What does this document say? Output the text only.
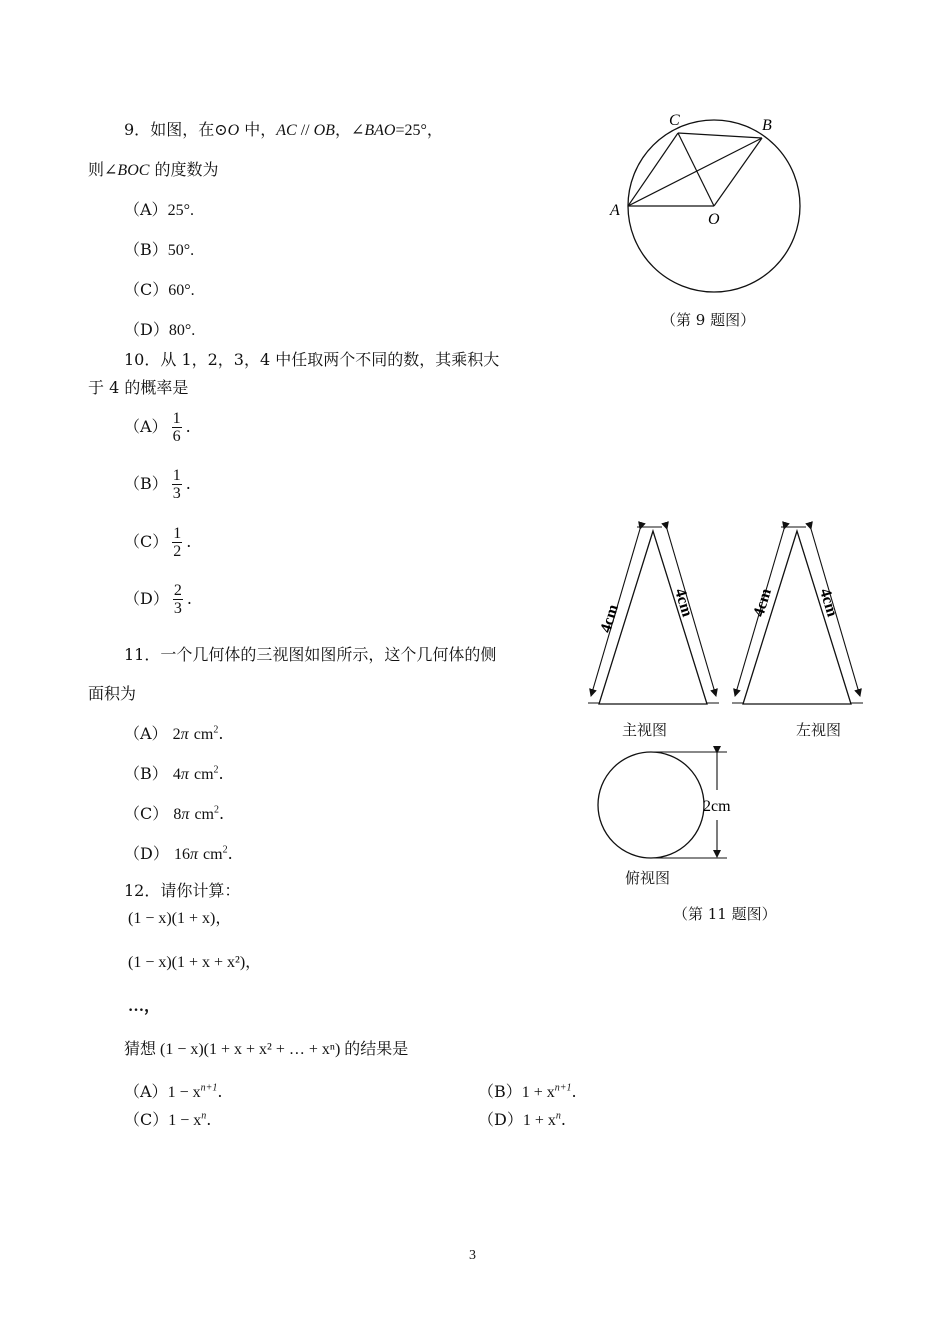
9．如图，在⊙O 中，AC // OB，∠BAO=25°，
则∠BOC 的度数为
（A）25°.
（B）50°.
（C）60°.
（D）80°.
C	B
A
O
（第 9 题图）
10．从 1，2，3，4 中任取两个不同的数，其乘积大
于 4 的概率是
$(A) \frac{1}{6}$ .
$(B) \frac{1}{3}$ .
$(C) \frac{1}{2}$ .
$(D) \frac{2}{3}$ .
11．一个几何体的三视图如图所示，这个几何体的侧
面积为
（A） 2π $cm^2$.
（B） 4π $cm^2$.
（C） 8π $cm^2$.
（D） 16π $cm^2$.
4cm	4cm	4cm	4cm
2cm
主视图	左视图
俯视图
（第 11 题图）
12．请你计算：
(1 − x)(1 + x)，
(1 − x)(1 + x + x²)，
…，
猜想 (1 − x)(1 + x + x² + … + xⁿ) 的结果是
$(A)1 - x^{n+1}$.	$(B)1 + x^{n+1}$.
$(C)1 - x^n$.	$(D)1 + x^n$.
3
